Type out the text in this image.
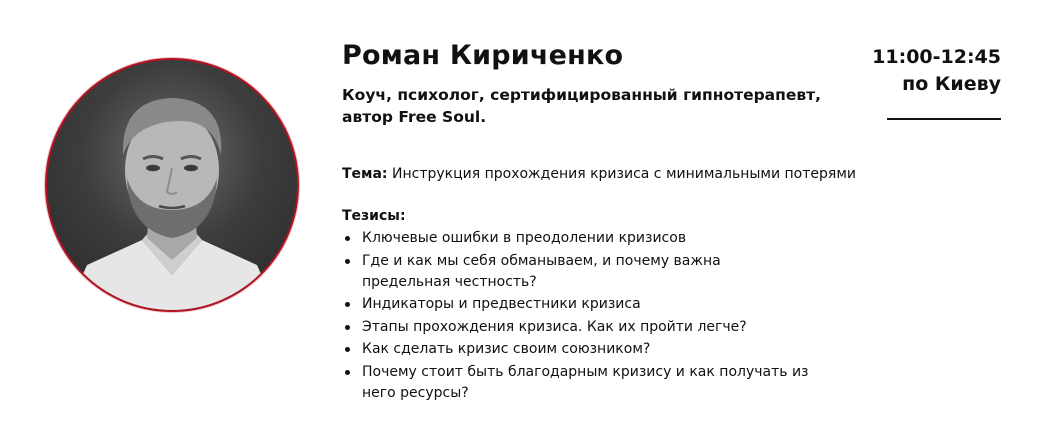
Роман Кириченко

Коуч, психолог, сертифицированный гипнотерапевт, автор Free Soul.

11:00-12:45
по Киеву

Тема: Инструкция прохождения кризиса с минимальными потерями

Тезисы:
Ключевые ошибки в преодолении кризисов
Где и как мы себя обманываем, и почему важна предельная честность?
Индикаторы и предвестники кризиса
Этапы прохождения кризиса. Как их пройти легче?
Как сделать кризис своим союзником?
Почему стоит быть благодарным кризису и как получать из него ресурсы?
